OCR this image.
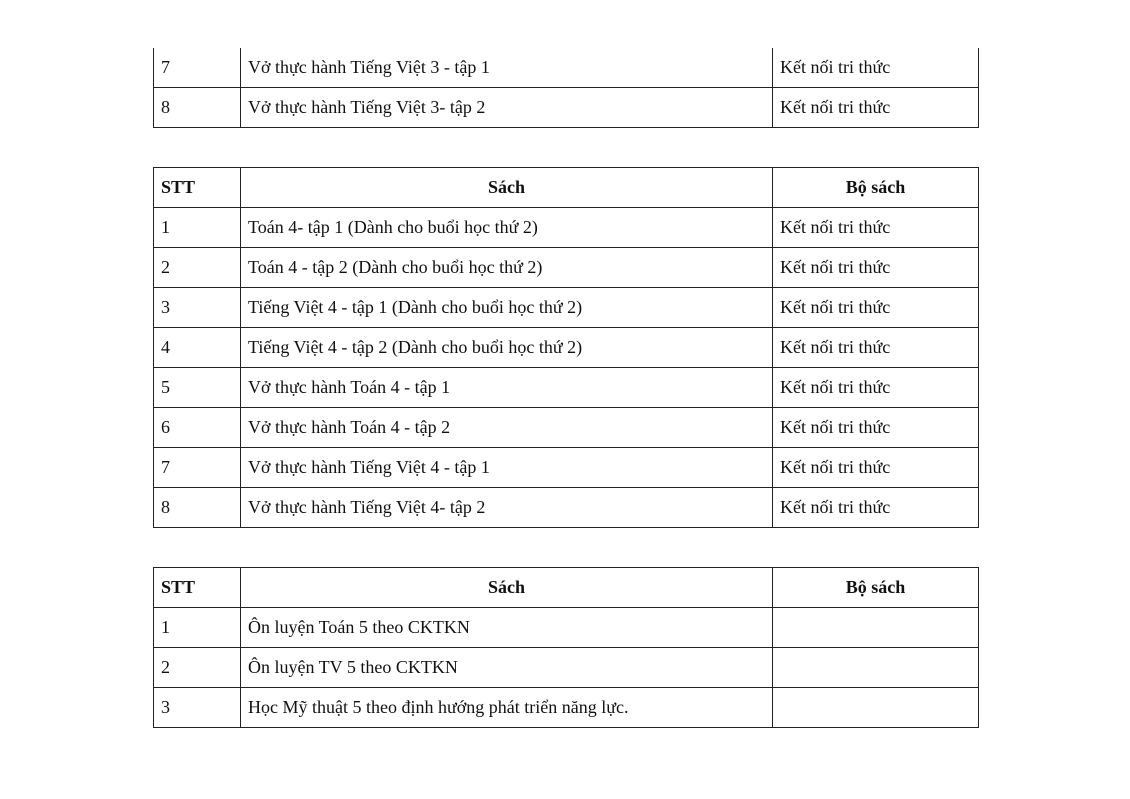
7	Vở thực hành Tiếng Việt 3 - tập 1	Kết nối tri thức
8	Vở thực hành Tiếng Việt 3- tập 2	Kết nối tri thức
STT	Sách	Bộ sách
1	Toán 4- tập 1 (Dành cho buổi học thứ 2)	Kết nối tri thức
2	Toán 4 - tập 2 (Dành cho buổi học thứ 2)	Kết nối tri thức
3	Tiếng Việt 4 - tập 1 (Dành cho buổi học thứ 2)	Kết nối tri thức
4	Tiếng Việt 4 - tập 2 (Dành cho buổi học thứ 2)	Kết nối tri thức
5	Vở thực hành Toán 4 - tập 1	Kết nối tri thức
6	Vở thực hành Toán 4 - tập 2	Kết nối tri thức
7	Vở thực hành Tiếng Việt 4 - tập 1	Kết nối tri thức
8	Vở thực hành Tiếng Việt 4- tập 2	Kết nối tri thức
STT	Sách	Bộ sách
1	Ôn luyện Toán 5 theo CKTKN	
2	Ôn luyện TV 5 theo CKTKN	
3	Học Mỹ thuật 5 theo định hướng phát triển năng lực.	
